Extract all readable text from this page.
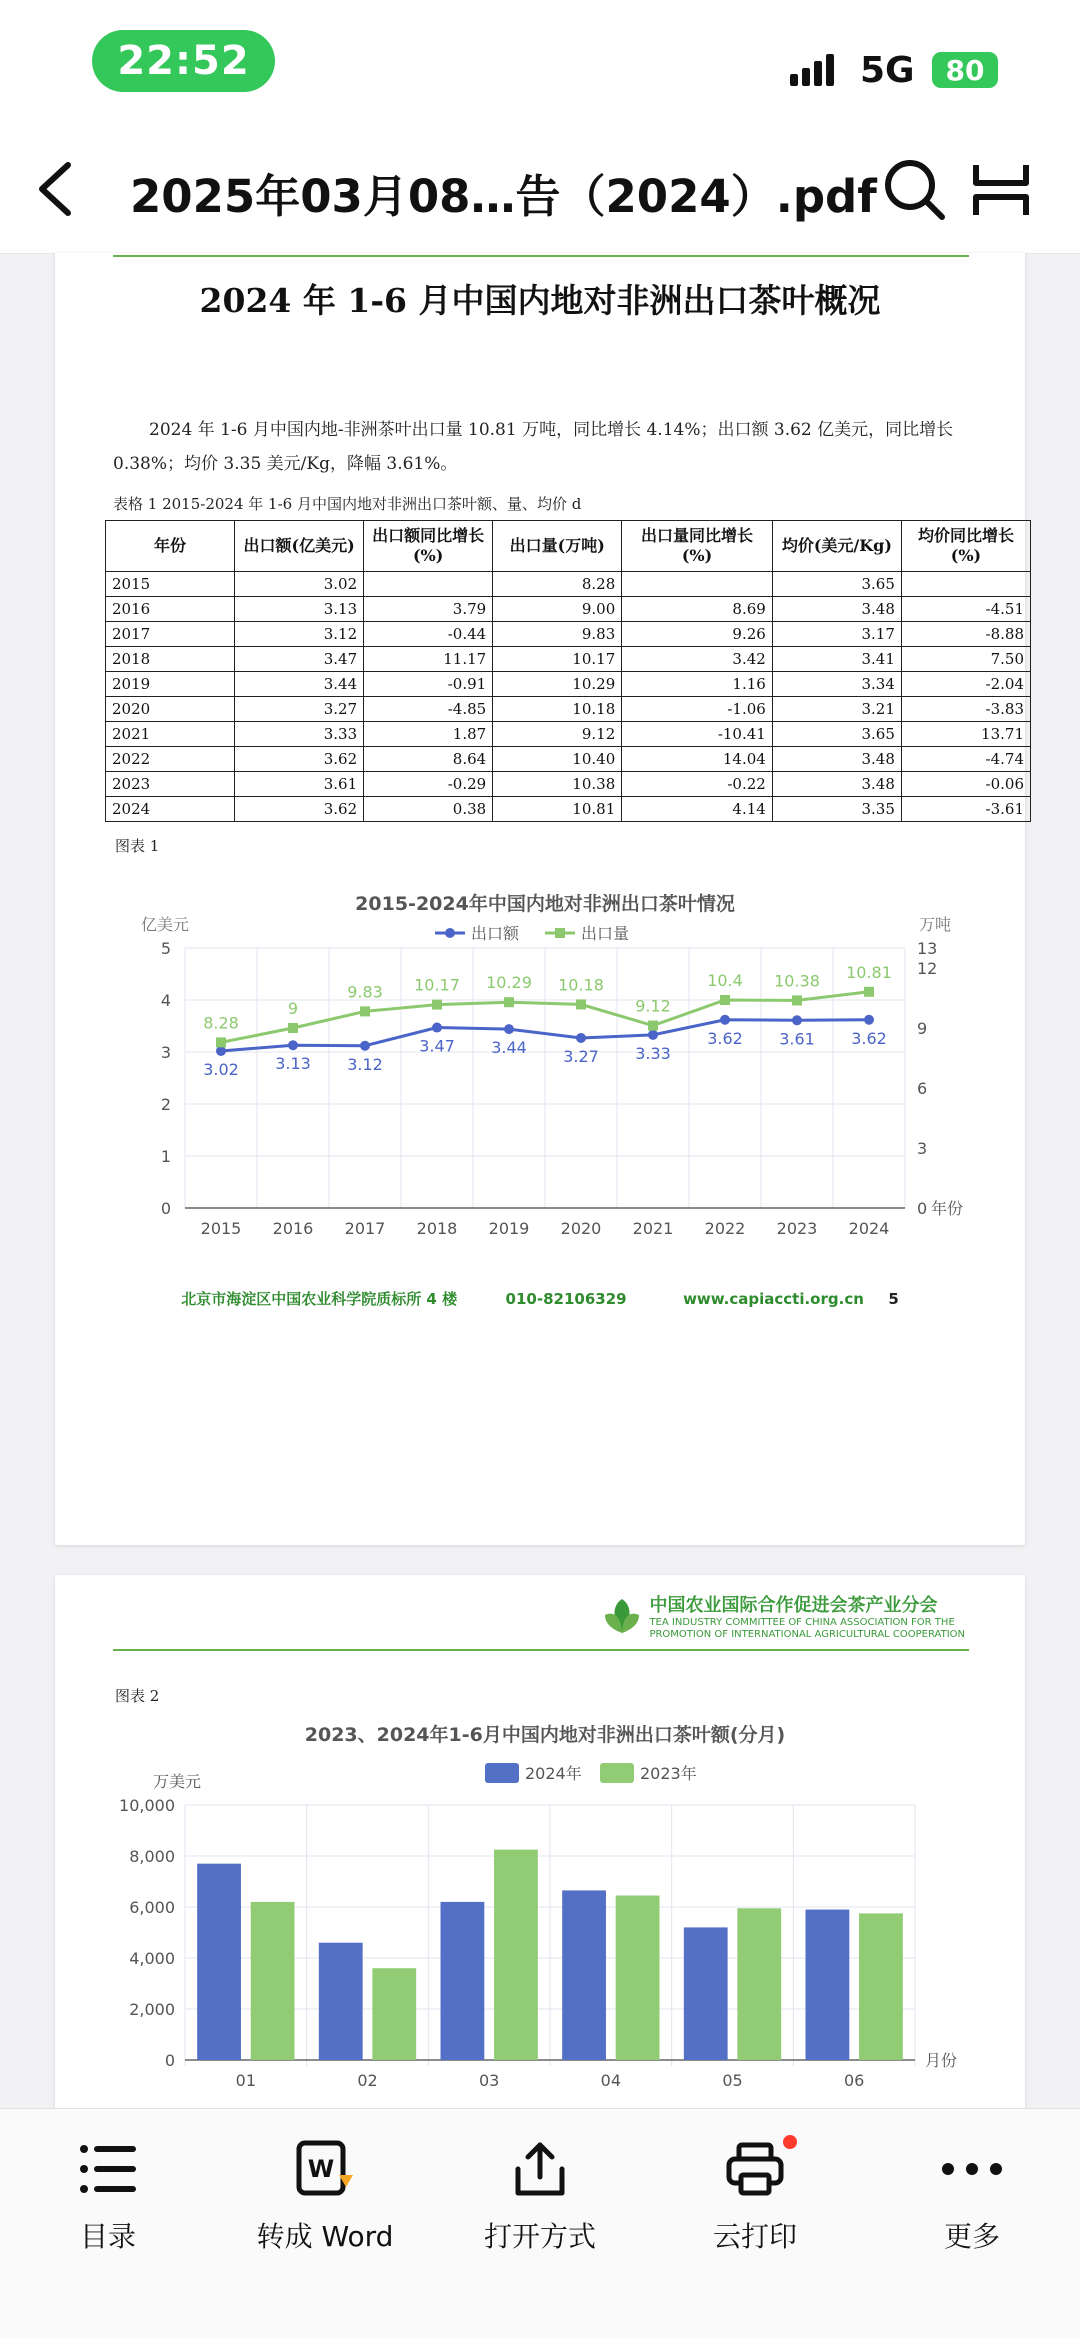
22:52	5G	80
2025年03月08…告（2024）.pdf
2024 年 1-6 月中国内地对非洲出口茶叶概况
2024 年 1-6 月中国内地-非洲茶叶出口量 10.81 万吨，同比增长 4.14%；出口额 3.62 亿美元，同比增长 0.38%；均价 3.35 美元/Kg，降幅 3.61%。
表格 1 2015-2024 年 1-6 月中国内地对非洲出口茶叶额、量、均价 d
年份	出口额(亿美元)	出口额同比增长(%)	出口量(万吨)	出口量同比增长(%)	均价(美元/Kg)	均价同比增长(%)
2015	3.02		8.28		3.65	
2016	3.13	3.79	9.00	8.69	3.48	-4.51
2017	3.12	-0.44	9.83	9.26	3.17	-8.88
2018	3.47	11.17	10.17	3.42	3.41	7.50
2019	3.44	-0.91	10.29	1.16	3.34	-2.04
2020	3.27	-4.85	10.18	-1.06	3.21	-3.83
2021	3.33	1.87	9.12	-10.41	3.65	13.71
2022	3.62	8.64	10.40	14.04	3.48	-4.74
2023	3.61	-0.29	10.38	-0.22	3.48	-0.06
2024	3.62	0.38	10.81	4.14	3.35	-3.61
图表 1
2015-2024年中国内地对非洲出口茶叶情况
亿美元	万吨
出口额	出口量
0
1
2
3
4
5
3
6
9
12
13
0 年份
2015 2016 2017 2018 2019 2020 2021 2022 2023 2024
3.02 3.13 3.12
3.47 3.44 3.27 3.33
3.62 3.61 3.62
8.28
9
9.83 10.17 10.29 10.18
9.12
10.4 10.38 10.81
北京市海淀区中国农业科学院质标所 4 楼	010-82106329	www.capiaccti.org.cn 5
中国农业国际合作促进会茶产业分会
TEA INDUSTRY COMMITTEE OF CHINA ASSOCIATION FOR THE
PROMOTION OF INTERNATIONAL AGRICULTURAL COOPERATION
图表 2
2023、2024年1-6月中国内地对非洲出口茶叶额(分月)
万美元	2024年	2023年
0
2,000
4,000
6,000
8,000
10,000
月份
01	02	03	04	05	06
目录
W
转成 Word	打开方式	云打印	更多
